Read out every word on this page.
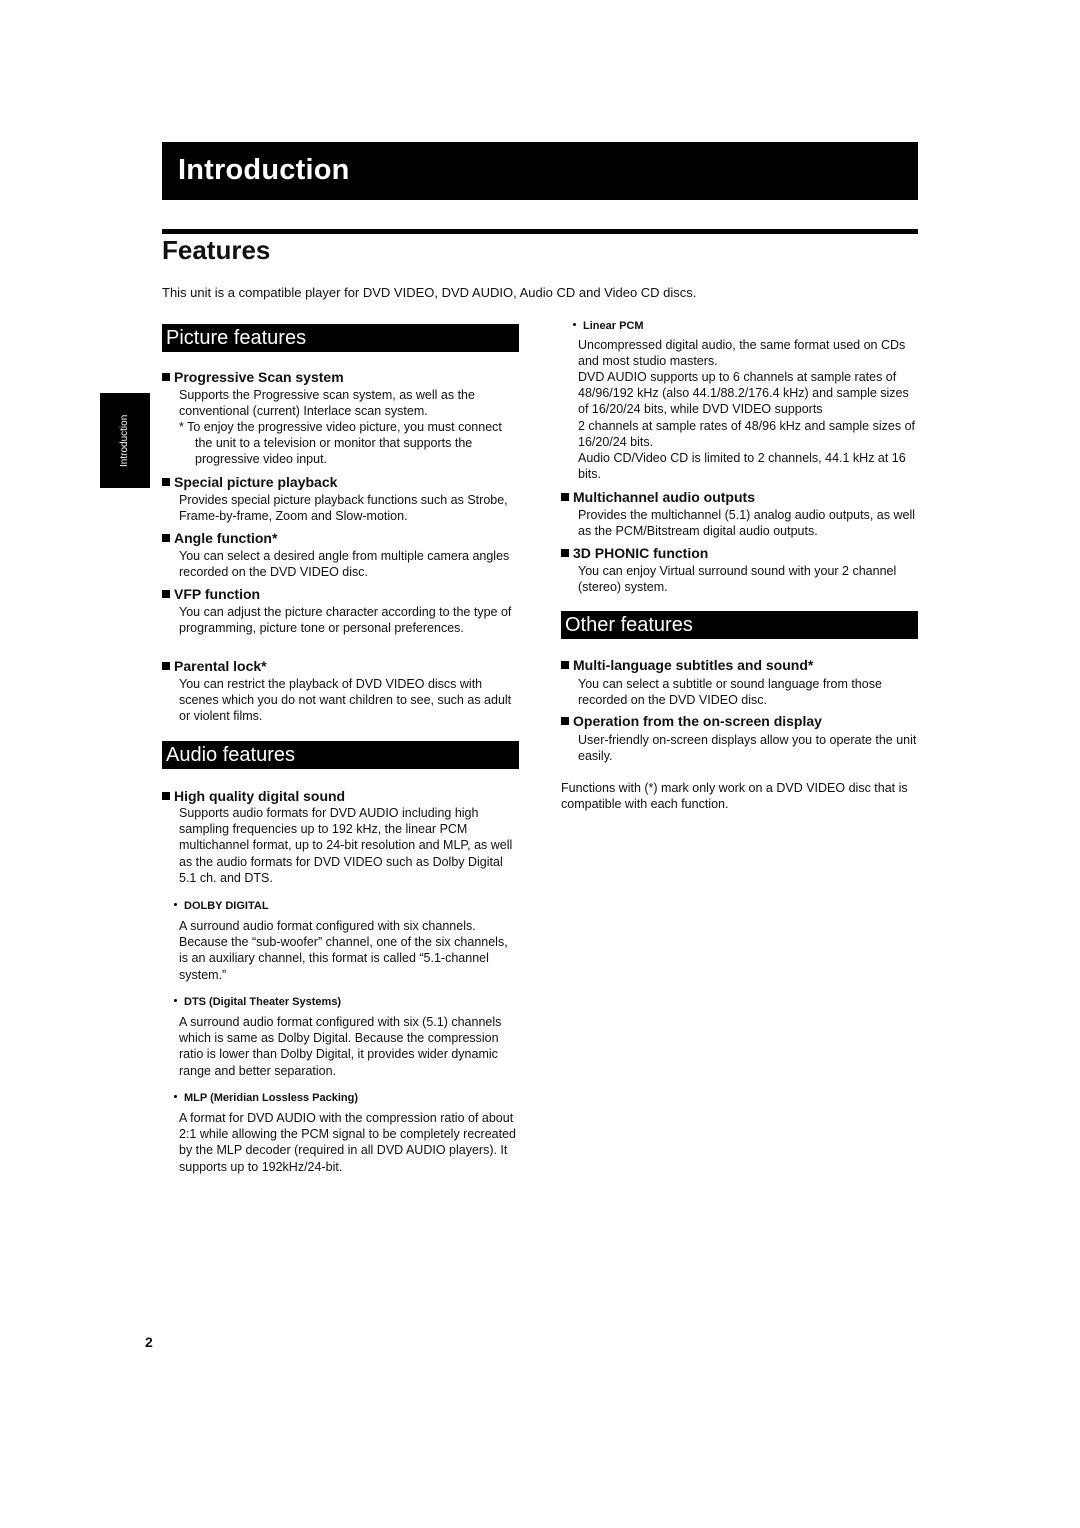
Introduction
Features
This unit is a compatible player for DVD VIDEO, DVD AUDIO, Audio CD and Video CD discs.
Introduction
Picture features
Progressive Scan system
Supports the Progressive scan system, as well as the conventional (current) Interlace scan system.
* To enjoy the progressive video picture, you must connect the unit to a television or monitor that supports the progressive video input.
Special picture playback
Provides special picture playback functions such as Strobe, Frame-by-frame, Zoom and Slow-motion.
Angle function*
You can select a desired angle from multiple camera angles recorded on the DVD VIDEO disc.
VFP function
You can adjust the picture character according to the type of programming, picture tone or personal preferences.
Parental lock*
You can restrict the playback of DVD VIDEO discs with scenes which you do not want children to see, such as adult or violent films.
Audio features
High quality digital sound
Supports audio formats for DVD AUDIO including high sampling frequencies up to 192 kHz, the linear PCM multichannel format, up to 24-bit resolution and MLP, as well as the audio formats for DVD VIDEO such as Dolby Digital 5.1 ch. and DTS.
DOLBY DIGITAL
A surround audio format configured with six channels. Because the “sub-woofer” channel, one of the six channels, is an auxiliary channel, this format is called “5.1-channel system.”
DTS (Digital Theater Systems)
A surround audio format configured with six (5.1) channels which is same as Dolby Digital. Because the compression ratio is lower than Dolby Digital, it provides wider dynamic range and better separation.
MLP (Meridian Lossless Packing)
A format for DVD AUDIO with the compression ratio of about 2:1 while allowing the PCM signal to be completely recreated by the MLP decoder (required in all DVD AUDIO players). It supports up to 192kHz/24-bit.
Linear PCM
Uncompressed digital audio, the same format used on CDs and most studio masters.
DVD AUDIO supports up to 6 channels at sample rates of 48/96/192 kHz (also 44.1/88.2/176.4 kHz) and sample sizes of 16/20/24 bits, while DVD VIDEO supports
2 channels at sample rates of 48/96 kHz and sample sizes of 16/20/24 bits.
Audio CD/Video CD is limited to 2 channels, 44.1 kHz at 16 bits.
Multichannel audio outputs
Provides the multichannel (5.1) analog audio outputs, as well as the PCM/Bitstream digital audio outputs.
3D PHONIC function
You can enjoy Virtual surround sound with your 2 channel (stereo) system.
Other features
Multi-language subtitles and sound*
You can select a subtitle or sound language from those recorded on the DVD VIDEO disc.
Operation from the on-screen display
User-friendly on-screen displays allow you to operate the unit easily.
Functions with (*) mark only work on a DVD VIDEO disc that is compatible with each function.
2
